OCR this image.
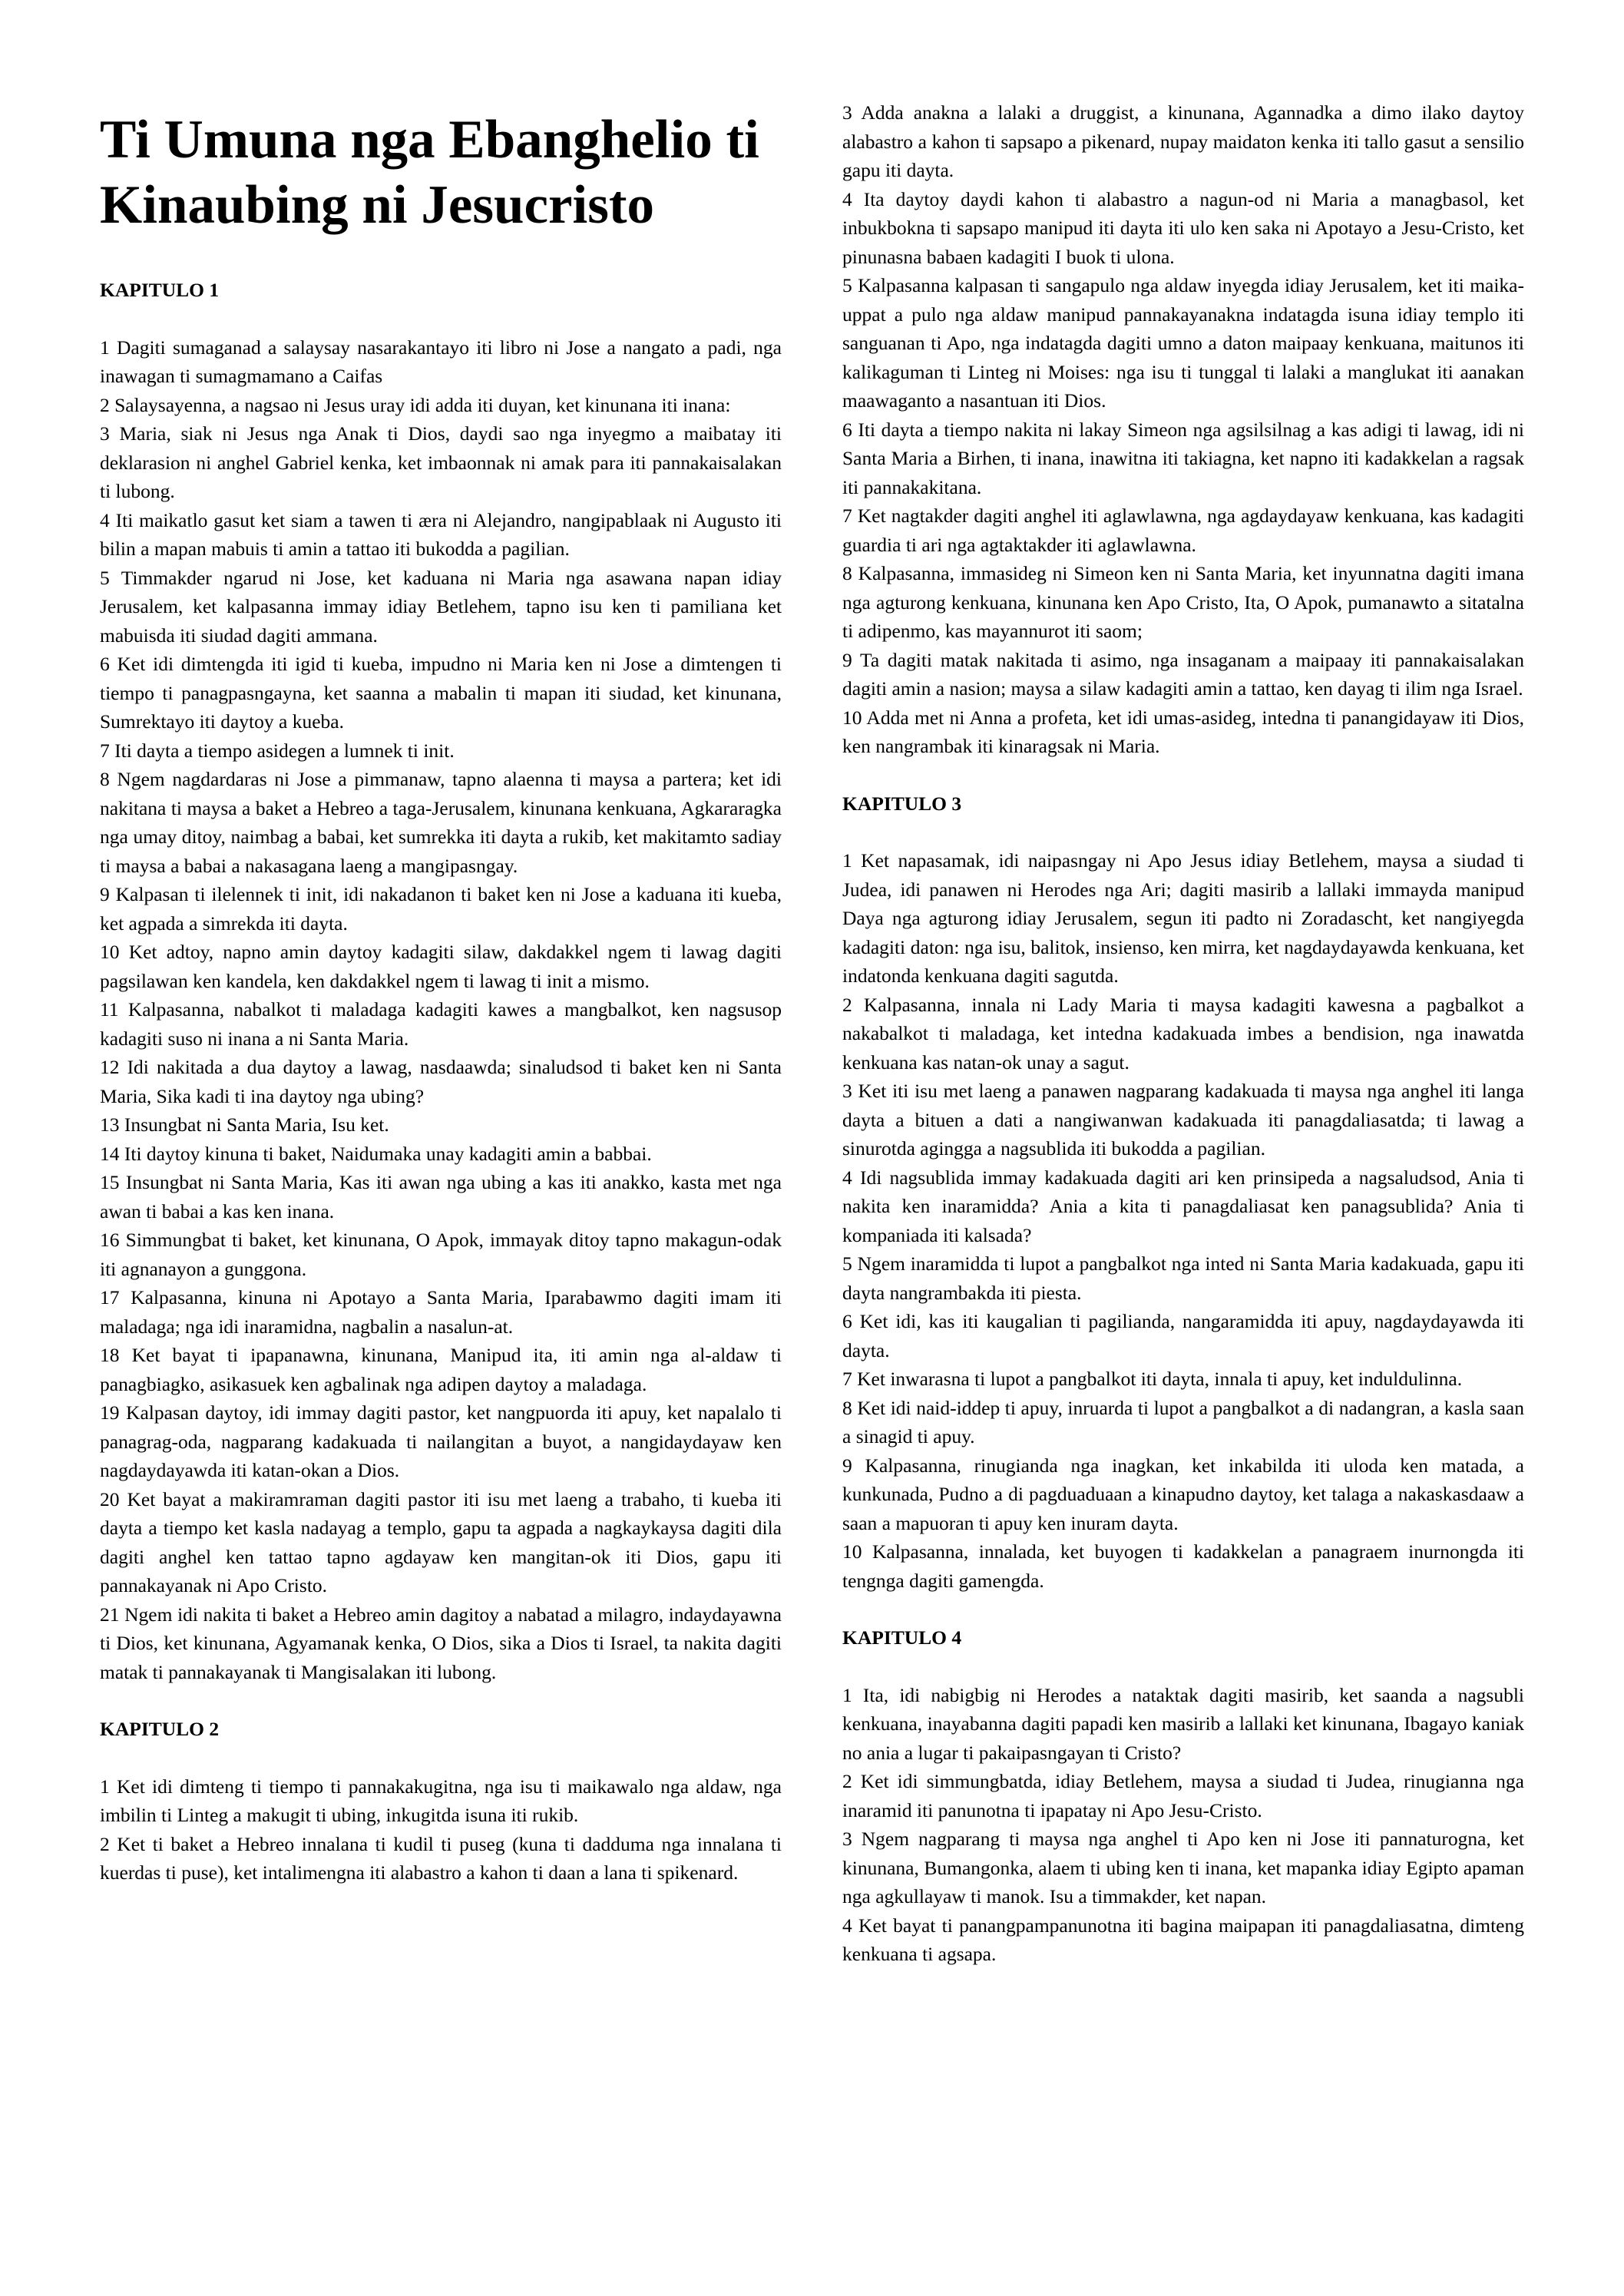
Ti Umuna nga Ebanghelio ti Kinaubing ni Jesucristo
KAPITULO 1

1 Dagiti sumaganad a salaysay nasarakantayo iti libro ni Jose a nangato a padi, nga inawagan ti sumagmamano a Caifas

2 Salaysayenna, a nagsao ni Jesus uray idi adda iti duyan, ket kinunana iti inana:

3 Maria, siak ni Jesus nga Anak ti Dios, daydi sao nga inyegmo a maibatay iti deklarasion ni anghel Gabriel kenka, ket imbaonnak ni amak para iti pannakaisalakan ti lubong.

4 Iti maikatlo gasut ket siam a tawen ti æra ni Alejandro, nangipablaak ni Augusto iti bilin a mapan mabuis ti amin a tattao iti bukodda a pagilian.

5 Timmakder ngarud ni Jose, ket kaduana ni Maria nga asawana napan idiay Jerusalem, ket kalpasanna immay idiay Betlehem, tapno isu ken ti pamiliana ket mabuisda iti siudad dagiti ammana.

6 Ket idi dimtengda iti igid ti kueba, impudno ni Maria ken ni Jose a dimtengen ti tiempo ti panagpasngayna, ket saanna a mabalin ti mapan iti siudad, ket kinunana, Sumrektayo iti daytoy a kueba.

7 Iti dayta a tiempo asidegen a lumnek ti init.

8 Ngem nagdardaras ni Jose a pimmanaw, tapno alaenna ti maysa a partera; ket idi nakitana ti maysa a baket a Hebreo a taga-Jerusalem, kinunana kenkuana, Agkararagka nga umay ditoy, naimbag a babai, ket sumrekka iti dayta a rukib, ket makitamto sadiay ti maysa a babai a nakasagana laeng a mangipasngay.

9 Kalpasan ti ilelennek ti init, idi nakadanon ti baket ken ni Jose a kaduana iti kueba, ket agpada a simrekda iti dayta.

10 Ket adtoy, napno amin daytoy kadagiti silaw, dakdakkel ngem ti lawag dagiti pagsilawan ken kandela, ken dakdakkel ngem ti lawag ti init a mismo.

11 Kalpasanna, nabalkot ti maladaga kadagiti kawes a mangbalkot, ken nagsusop kadagiti suso ni inana a ni Santa Maria.

12 Idi nakitada a dua daytoy a lawag, nasdaawda; sinaludsod ti baket ken ni Santa Maria, Sika kadi ti ina daytoy nga ubing?

13 Insungbat ni Santa Maria, Isu ket.

14 Iti daytoy kinuna ti baket, Naidumaka unay kadagiti amin a babbai.

15 Insungbat ni Santa Maria, Kas iti awan nga ubing a kas iti anakko, kasta met nga awan ti babai a kas ken inana.

16 Simmungbat ti baket, ket kinunana, O Apok, immayak ditoy tapno makagun-odak iti agnanayon a gunggona.

17 Kalpasanna, kinuna ni Apotayo a Santa Maria, Iparabawmo dagiti imam iti maladaga; nga idi inaramidna, nagbalin a nasalun-at.

18 Ket bayat ti ipapanawna, kinunana, Manipud ita, iti amin nga al-aldaw ti panagbiagko, asikasuek ken agbalinak nga adipen daytoy a maladaga.

19 Kalpasan daytoy, idi immay dagiti pastor, ket nangpuorda iti apuy, ket napalalo ti panagrag-oda, nagparang kadakuada ti nailangitan a buyot, a nangidaydayaw ken nagdaydayawda iti katan-okan a Dios.

20 Ket bayat a makiramraman dagiti pastor iti isu met laeng a trabaho, ti kueba iti dayta a tiempo ket kasla nadayag a templo, gapu ta agpada a nagkaykaysa dagiti dila dagiti anghel ken tattao tapno agdayaw ken mangitan-ok iti Dios, gapu iti pannakayanak ni Apo Cristo.

21 Ngem idi nakita ti baket a Hebreo amin dagitoy a nabatad a milagro, indaydayawna ti Dios, ket kinunana, Agyamanak kenka, O Dios, sika a Dios ti Israel, ta nakita dagiti matak ti pannakayanak ti Mangisalakan iti lubong.

KAPITULO 2

1 Ket idi dimteng ti tiempo ti pannakakugitna, nga isu ti maikawalo nga aldaw, nga imbilin ti Linteg a makugit ti ubing, inkugitda isuna iti rukib.

2 Ket ti baket a Hebreo innalana ti kudil ti puseg (kuna ti dadduma nga innalana ti kuerdas ti puse), ket intalimengna iti alabastro a kahon ti daan a lana ti spikenard.

3 Adda anakna a lalaki a druggist, a kinunana, Agannadka a dimo ilako daytoy alabastro a kahon ti sapsapo a pikenard, nupay maidaton kenka iti tallo gasut a sensilio gapu iti dayta.

4 Ita daytoy daydi kahon ti alabastro a nagun-od ni Maria a managbasol, ket inbukbokna ti sapsapo manipud iti dayta iti ulo ken saka ni Apotayo a Jesu-Cristo, ket pinunasna babaen kadagiti I buok ti ulona.

5 Kalpasanna kalpasan ti sangapulo nga aldaw inyegda idiay Jerusalem, ket iti maika-uppat a pulo nga aldaw manipud pannakayanakna indatagda isuna idiay templo iti sanguanan ti Apo, nga indatagda dagiti umno a daton maipaay kenkuana, maitunos iti kalikaguman ti Linteg ni Moises: nga isu ti tunggal ti lalaki a manglukat iti aanakan maawaganto a nasantuan iti Dios.

6 Iti dayta a tiempo nakita ni lakay Simeon nga agsilsilnag a kas adigi ti lawag, idi ni Santa Maria a Birhen, ti inana, inawitna iti takiagna, ket napno iti kadakkelan a ragsak iti pannakakitana.

7 Ket nagtakder dagiti anghel iti aglawlawna, nga agdaydayaw kenkuana, kas kadagiti guardia ti ari nga agtaktakder iti aglawlawna.

8 Kalpasanna, immasideg ni Simeon ken ni Santa Maria, ket inyunnatna dagiti imana nga agturong kenkuana, kinunana ken Apo Cristo, Ita, O Apok, pumanawto a sitatalna ti adipenmo, kas mayannurot iti saom;

9 Ta dagiti matak nakitada ti asimo, nga insaganam a maipaay iti pannakaisalakan dagiti amin a nasion; maysa a silaw kadagiti amin a tattao, ken dayag ti ilim nga Israel.

10 Adda met ni Anna a profeta, ket idi umas-asideg, intedna ti panangidayaw iti Dios, ken nangrambak iti kinaragsak ni Maria.

KAPITULO 3

1 Ket napasamak, idi naipasngay ni Apo Jesus idiay Betlehem, maysa a siudad ti Judea, idi panawen ni Herodes nga Ari; dagiti masirib a lallaki immayda manipud Daya nga agturong idiay Jerusalem, segun iti padto ni Zoradascht, ket nangiyegda kadagiti daton: nga isu, balitok, insienso, ken mirra, ket nagdaydayawda kenkuana, ket indatonda kenkuana dagiti sagutda.

2 Kalpasanna, innala ni Lady Maria ti maysa kadagiti kawesna a pagbalkot a nakabalkot ti maladaga, ket intedna kadakuada imbes a bendision, nga inawatda kenkuana kas natan-ok unay a sagut.

3 Ket iti isu met laeng a panawen nagparang kadakuada ti maysa nga anghel iti langa dayta a bituen a dati a nangiwanwan kadakuada iti panagdaliasatda; ti lawag a sinurotda agingga a nagsublida iti bukodda a pagilian.

4 Idi nagsublida immay kadakuada dagiti ari ken prinsipeda a nagsaludsod, Ania ti nakita ken inaramidda? Ania a kita ti panagdaliasat ken panagsublida? Ania ti kompaniada iti kalsada?

5 Ngem inaramidda ti lupot a pangbalkot nga inted ni Santa Maria kadakuada, gapu iti dayta nangrambakda iti piesta.

6 Ket idi, kas iti kaugalian ti pagilianda, nangaramidda iti apuy, nagdaydayawda iti dayta.

7 Ket inwarasna ti lupot a pangbalkot iti dayta, innala ti apuy, ket induldulinna.

8 Ket idi naid-iddep ti apuy, inruarda ti lupot a pangbalkot a di nadangran, a kasla saan a sinagid ti apuy.

9 Kalpasanna, rinugianda nga inagkan, ket inkabilda iti uloda ken matada, a kunkunada, Pudno a di pagduaduaan a kinapudno daytoy, ket talaga a nakaskasdaaw a saan a mapuoran ti apuy ken inuram dayta.

10 Kalpasanna, innalada, ket buyogen ti kadakkelan a panagraem inurnongda iti tengnga dagiti gamengda.

KAPITULO 4

1 Ita, idi nabigbig ni Herodes a nataktak dagiti masirib, ket saanda a nagsubli kenkuana, inayabanna dagiti papadi ken masirib a lallaki ket kinunana, Ibagayo kaniak no ania a lugar ti pakaipasngayan ti Cristo?

2 Ket idi simmungbatda, idiay Betlehem, maysa a siudad ti Judea, rinugianna nga inaramid iti panunotna ti ipapatay ni Apo Jesu-Cristo.

3 Ngem nagparang ti maysa nga anghel ti Apo ken ni Jose iti pannaturogna, ket kinunana, Bumangonka, alaem ti ubing ken ti inana, ket mapanka idiay Egipto apaman nga agkullayaw ti manok. Isu a timmakder, ket napan.

4 Ket bayat ti panangpampanunotna iti bagina maipapan iti panagdaliasatna, dimteng kenkuana ti agsapa.
